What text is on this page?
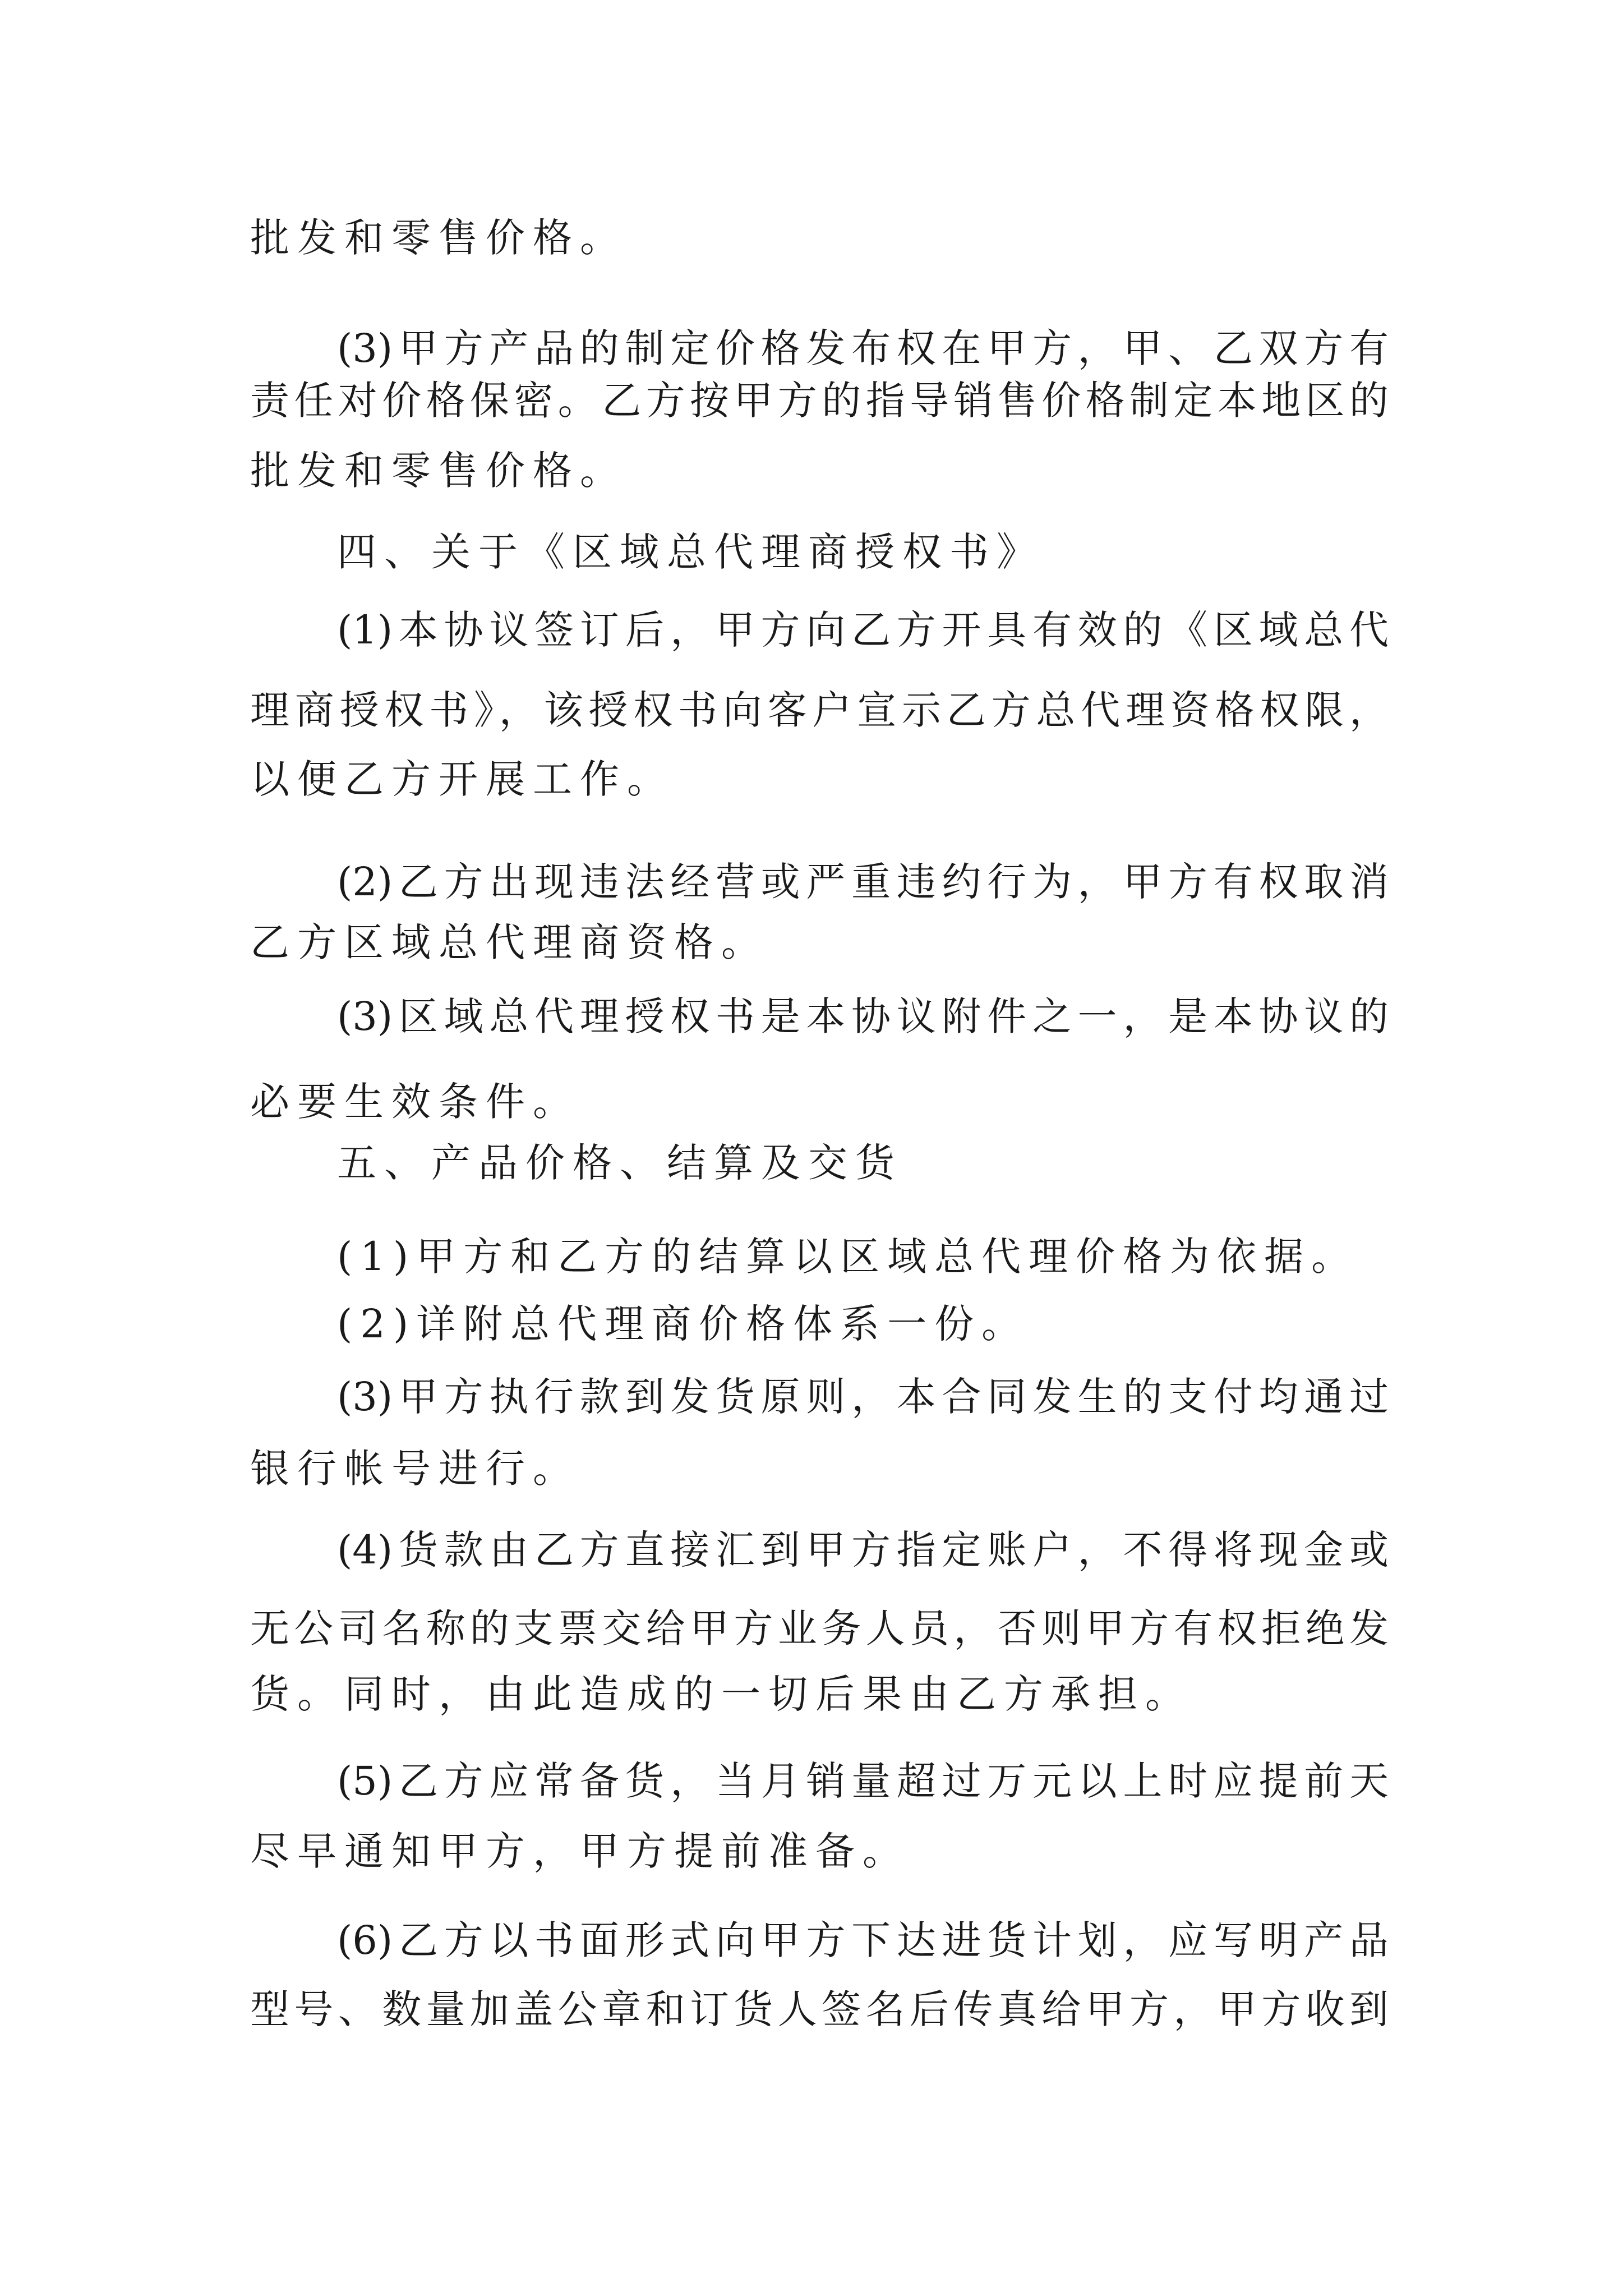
批发和零售价格。
(3)甲方产品的制定价格发布权在甲方，甲、乙双方有
责任对价格保密。乙方按甲方的指导销售价格制定本地区的
批发和零售价格。
四、关于《区域总代理商授权书》
(1)本协议签订后，甲方向乙方开具有效的《区域总代
理商授权书》，该授权书向客户宣示乙方总代理资格权限，
以便乙方开展工作。
(2)乙方出现违法经营或严重违约行为，甲方有权取消
乙方区域总代理商资格。
(3)区域总代理授权书是本协议附件之一，是本协议的
必要生效条件。
五、产品价格、结算及交货
(1)甲方和乙方的结算以区域总代理价格为依据。
(2)详附总代理商价格体系一份。
(3)甲方执行款到发货原则，本合同发生的支付均通过
银行帐号进行。
(4)货款由乙方直接汇到甲方指定账户，不得将现金或
无公司名称的支票交给甲方业务人员，否则甲方有权拒绝发
货。同时，由此造成的一切后果由乙方承担。
(5)乙方应常备货，当月销量超过万元以上时应提前天
尽早通知甲方，甲方提前准备。
(6)乙方以书面形式向甲方下达进货计划，应写明产品
型号、数量加盖公章和订货人签名后传真给甲方，甲方收到
